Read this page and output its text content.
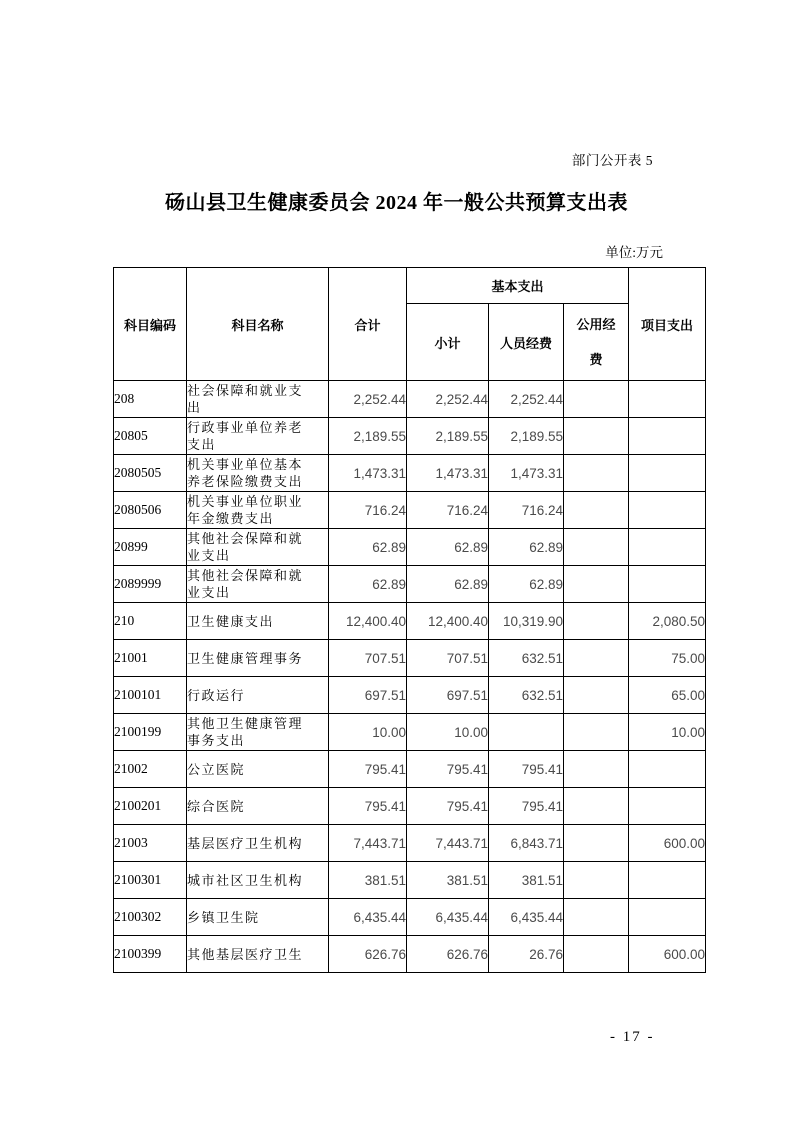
部门公开表 5
砀山县卫生健康委员会 2024 年一般公共预算支出表
单位:万元
科目编码	科目名称	合计	基本支出			项目支出
			小计	人员经费	公用经费	

208	社会保障和就业支出	2,252.44	2,252.44	2,252.44		
20805	行政事业单位养老支出	2,189.55	2,189.55	2,189.55		
2080505	机关事业单位基本养老保险缴费支出	1,473.31	1,473.31	1,473.31		
2080506	机关事业单位职业年金缴费支出	716.24	716.24	716.24		
20899	其他社会保障和就业支出	62.89	62.89	62.89		
2089999	其他社会保障和就业支出	62.89	62.89	62.89		
210	卫生健康支出	12,400.40	12,400.40	10,319.90		2,080.50
21001	卫生健康管理事务	707.51	707.51	632.51		75.00
2100101	行政运行	697.51	697.51	632.51		65.00
2100199	其他卫生健康管理事务支出	10.00	10.00			10.00
21002	公立医院	795.41	795.41	795.41		
2100201	综合医院	795.41	795.41	795.41		
21003	基层医疗卫生机构	7,443.71	7,443.71	6,843.71		600.00
2100301	城市社区卫生机构	381.51	381.51	381.51		
2100302	乡镇卫生院	6,435.44	6,435.44	6,435.44		
2100399	其他基层医疗卫生	626.76	626.76	26.76		600.00
- 17 -
